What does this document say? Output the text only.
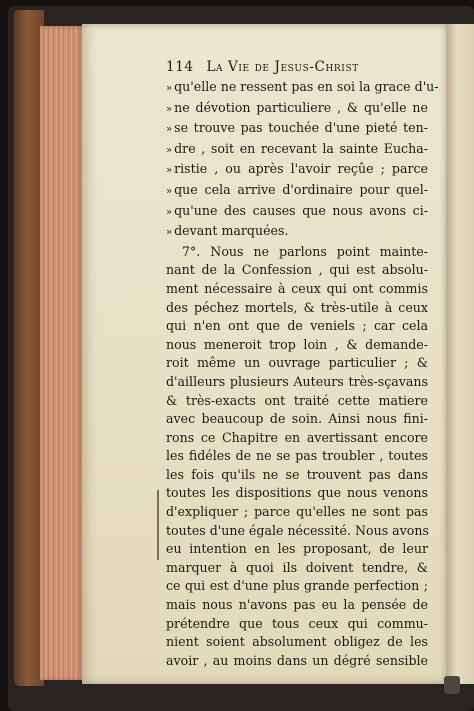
114 La Vie de Jesus-Christ
» qu'elle ne ressent pas en soi la grace d'u-
» ne dévotion particuliere , & qu'elle ne
» se trouve pas touchée d'une pieté ten-
» dre , soit en recevant la sainte Eucha-
» ristie , ou après l'avoir reçûe ; parce
» que cela arrive d'ordinaire pour quel-
» qu'une des causes que nous avons ci-
» devant marquées.
7°. Nous ne parlons point mainte-
nant de la Confession , qui est absolu-
ment nécessaire à ceux qui ont commis
des péchez mortels, & très-utile à ceux
qui n'en ont que de veniels ; car cela
nous meneroit trop loin , & demande-
roit même un ouvrage particulier ; &
d'ailleurs plusieurs Auteurs très-sçavans
& très-exacts ont traité cette matiere
avec beaucoup de soin. Ainsi nous fini-
rons ce Chapitre en avertissant encore
les fidéles de ne se pas troubler , toutes
les fois qu'ils ne se trouvent pas dans
toutes les dispositions que nous venons
d'expliquer ; parce qu'elles ne sont pas
toutes d'une égale nécessité. Nous avons
eu intention en les proposant, de leur
marquer à quoi ils doivent tendre, &
ce qui est d'une plus grande perfection ;
mais nous n'avons pas eu la pensée de
prétendre que tous ceux qui commu-
nient soient absolument obligez de les
avoir , au moins dans un dégré sensible
